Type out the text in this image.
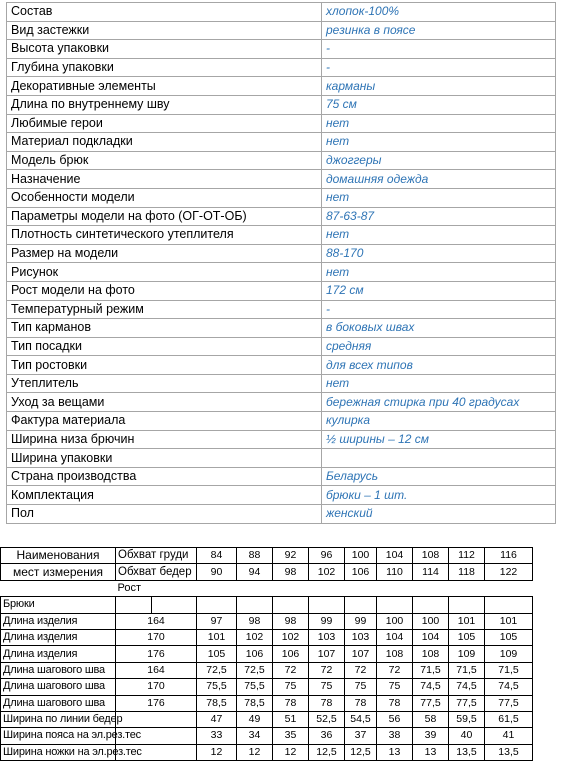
Состав	хлопок-100%
Вид застежки	резинка в поясе
Высота упаковки	-
Глубина упаковки	-
Декоративные элементы	карманы
Длина по внутреннему шву	75 см
Любимые герои	нет
Материал подкладки	нет
Модель брюк	джоггеры
Назначение	домашняя одежда
Особенности модели	нет
Параметры модели на фото (ОГ-ОТ-ОБ)	87-63-87
Плотность синтетического утеплителя	нет
Размер на модели	88-170
Рисунок	нет
Рост модели на фото	172 см
Температурный режим	-
Тип карманов	в боковых швах
Тип посадки	средняя
Тип ростовки	для всех типов
Утеплитель	нет
Уход за вещами	бережная стирка при 40 градусах
Фактура материала	кулирка
Ширина низа брючин	½ ширины – 12 см
Ширина упаковки	
Страна производства	Беларусь
Комплектация	брюки – 1 шт.
Пол	женский
Наименования	Обхват груди		84	88	92	96	100	104	108	112	116	
мест измерения	Обхват бедер		90	94	98	102	106	110	114	118	122	
	Рост											
Брюки												
Длина изделия	164		97	98	98	99	99	100	100	101	101	
Длина изделия	170		101	102	102	103	103	104	104	105	105	
Длина изделия	176		105	106	106	107	107	108	108	109	109	
Длина шагового шва	164		72,5	72,5	72	72	72	72	71,5	71,5	71,5	
Длина шагового шва	170		75,5	75,5	75	75	75	75	74,5	74,5	74,5	
Длина шагового шва	176		78,5	78,5	78	78	78	78	77,5	77,5	77,5	
Ширина по линии бедер			47	49	51	52,5	54,5	56	58	59,5	61,5	
Ширина пояса на эл.рез.тес			33	34	35	36	37	38	39	40	41	
Ширина ножки на эл.рез.тес			12	12	12	12,5	12,5	13	13	13,5	13,5	
